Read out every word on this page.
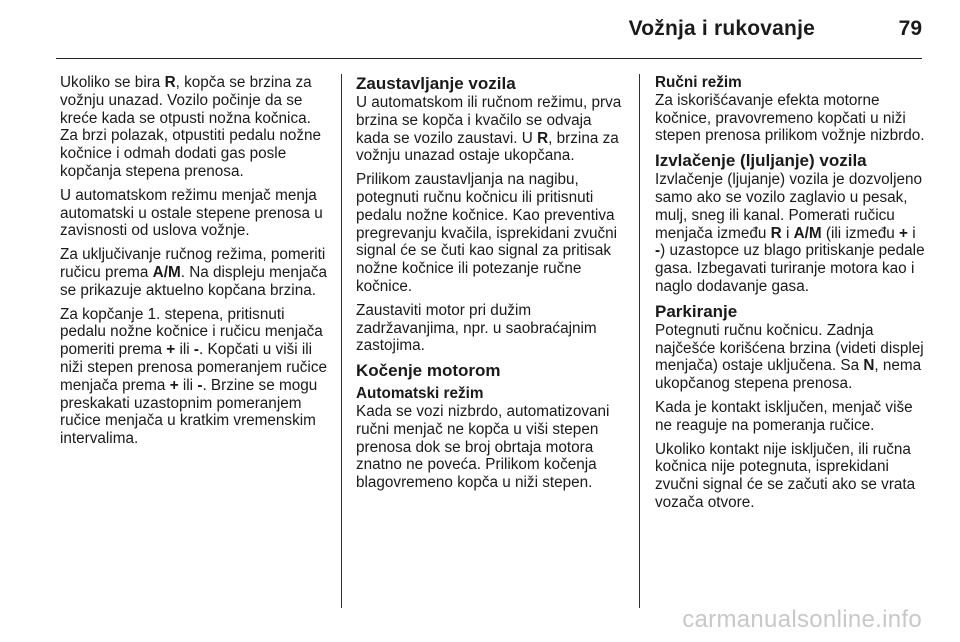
Vožnja i rukovanje	79

Ukoliko se bira R, kopča se brzina za vožnju unazad. Vozilo počinje da se kreće kada se otpusti nožna kočnica. Za brzi polazak, otpustiti pedalu nožne kočnice i odmah dodati gas posle kopčanja stepena prenosa.

U automatskom režimu menjač menja automatski u ostale stepene prenosa u zavisnosti od uslova vožnje.

Za uključivanje ručnog režima, pomeriti ručicu prema A/M. Na displeju menjača se prikazuje aktuelno kopčana brzina.

Za kopčanje 1. stepena, pritisnuti pedalu nožne kočnice i ručicu menjača pomeriti prema + ili -. Kopčati u viši ili niži stepen prenosa pomeranjem ručice menjača prema + ili -. Brzine se mogu preskakati uzastopnim pomeranjem ručice menjača u kratkim vremenskim intervalima.

Zaustavljanje vozila

U automatskom ili ručnom režimu, prva brzina se kopča i kvačilo se odvaja kada se vozilo zaustavi. U R, brzina za vožnju unazad ostaje ukopčana.

Prilikom zaustavljanja na nagibu, potegnuti ručnu kočnicu ili pritisnuti pedalu nožne kočnice. Kao preventiva pregrevanju kvačila, isprekidani zvučni signal će se čuti kao signal za pritisak nožne kočnice ili potezanje ručne kočnice.

Zaustaviti motor pri dužim zadržavanjima, npr. u saobraćajnim zastojima.

Kočenje motorom
Automatski režim

Kada se vozi nizbrdo, automatizovani ručni menjač ne kopča u viši stepen prenosa dok se broj obrtaja motora znatno ne poveća. Prilikom kočenja blagovremeno kopča u niži stepen.

Ručni režim

Za iskorišćavanje efekta motorne kočnice, pravovremeno kopčati u niži stepen prenosa prilikom vožnje nizbrdo.

Izvlačenje (ljuljanje) vozila

Izvlačenje (ljujanje) vozila je dozvoljeno samo ako se vozilo zaglavio u pesak, mulj, sneg ili kanal. Pomerati ručicu menjača između R i A/M (ili između + i -) uzastopce uz blago pritiskanje pedale gasa. Izbegavati turiranje motora kao i naglo dodavanje gasa.

Parkiranje

Potegnuti ručnu kočnicu. Zadnja najčešće korišćena brzina (videti displej menjača) ostaje uključena. Sa N, nema ukopčanog stepena prenosa.

Kada je kontakt isključen, menjač više ne reaguje na pomeranja ručice.

Ukoliko kontakt nije isključen, ili ručna kočnica nije potegnuta, isprekidani zvučni signal će se začuti ako se vrata vozača otvore.

carmanualsonline.info
